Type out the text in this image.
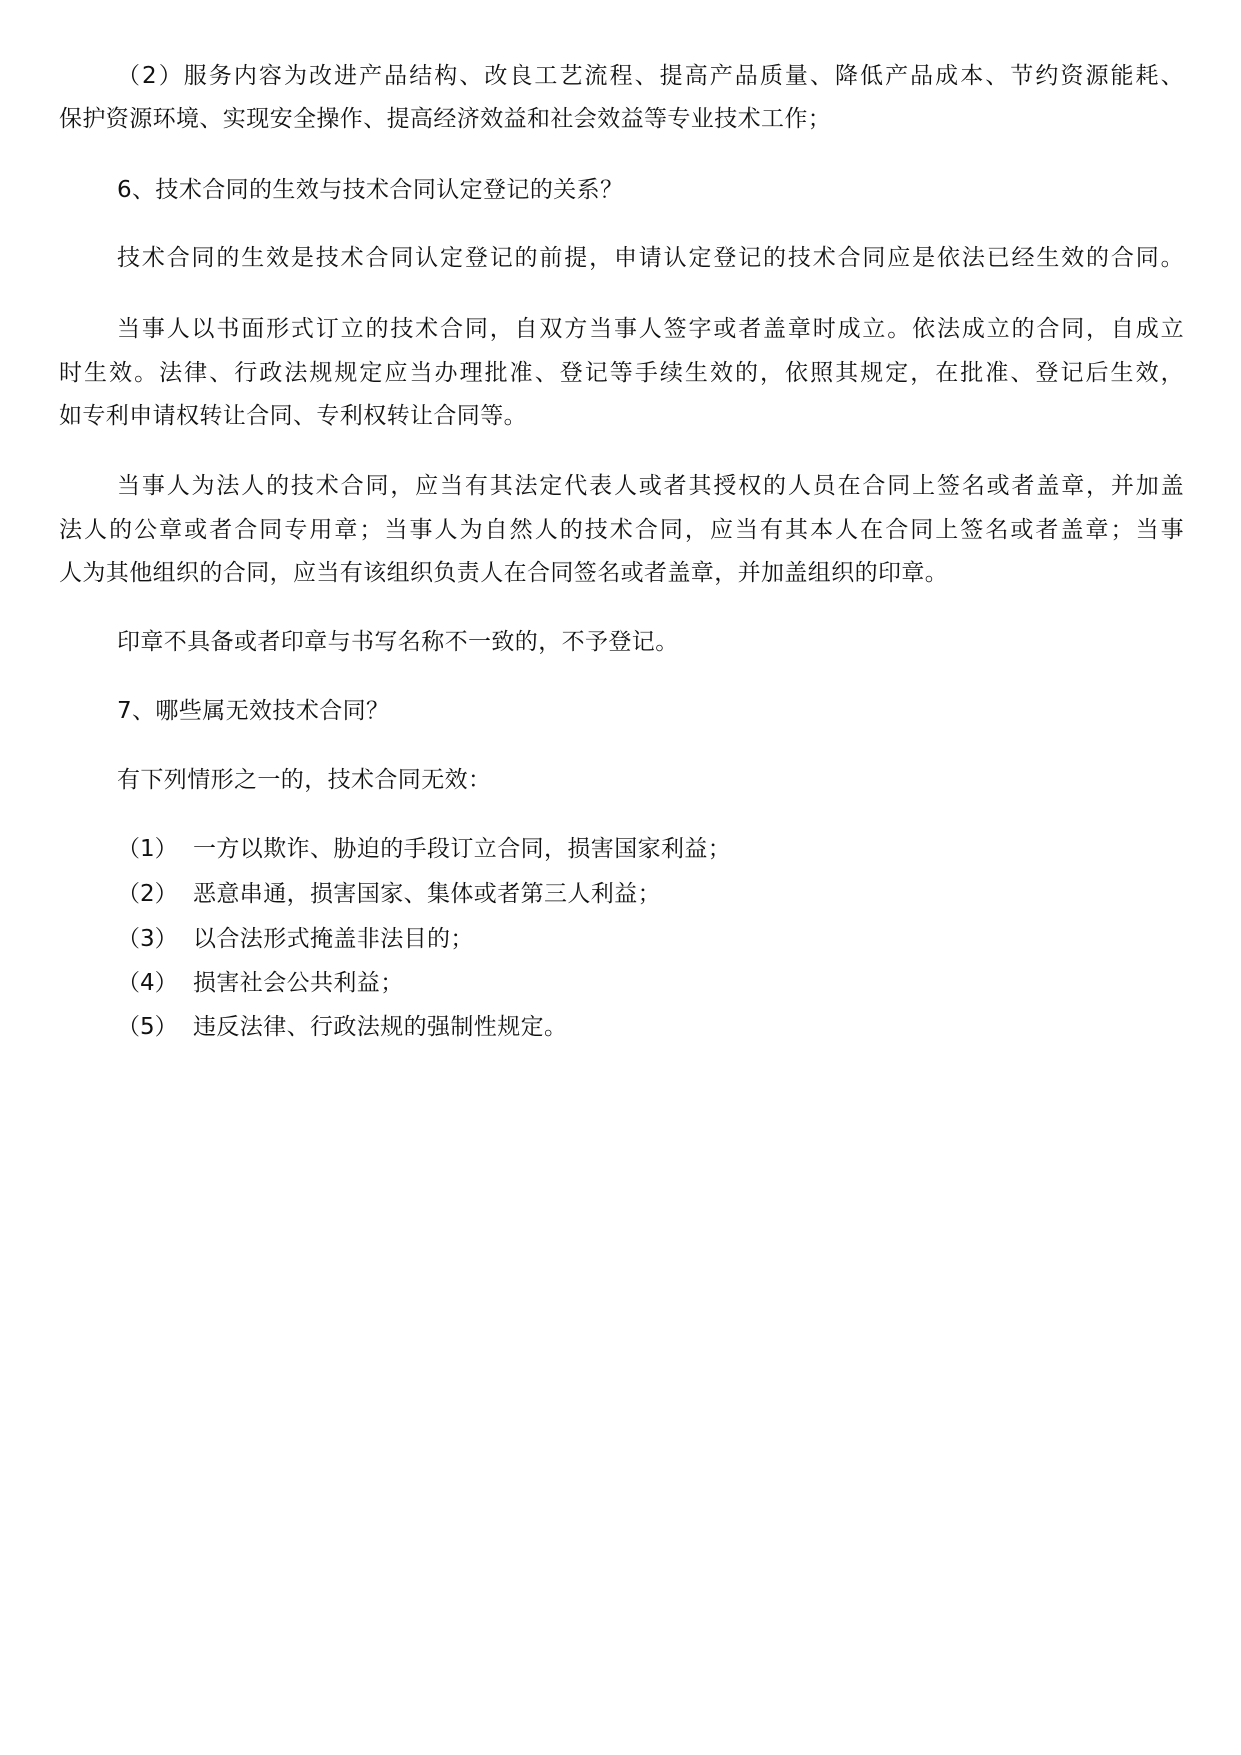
（2）服务内容为改进产品结构、改良工艺流程、提高产品质量、降低产品成本、节约资源能耗、
保护资源环境、实现安全操作、提高经济效益和社会效益等专业技术工作；
6、技术合同的生效与技术合同认定登记的关系？
技术合同的生效是技术合同认定登记的前提，申请认定登记的技术合同应是依法已经生效的合同。
当事人以书面形式订立的技术合同，自双方当事人签字或者盖章时成立。依法成立的合同，自成立
时生效。法律、行政法规规定应当办理批准、登记等手续生效的，依照其规定，在批准、登记后生效，
如专利申请权转让合同、专利权转让合同等。
当事人为法人的技术合同，应当有其法定代表人或者其授权的人员在合同上签名或者盖章，并加盖
法人的公章或者合同专用章；当事人为自然人的技术合同，应当有其本人在合同上签名或者盖章；当事
人为其他组织的合同，应当有该组织负责人在合同签名或者盖章，并加盖组织的印章。
印章不具备或者印章与书写名称不一致的，不予登记。
7、哪些属无效技术合同？
有下列情形之一的，技术合同无效：
（1） 一方以欺诈、胁迫的手段订立合同，损害国家利益；
（2） 恶意串通，损害国家、集体或者第三人利益；
（3） 以合法形式掩盖非法目的；
（4） 损害社会公共利益；
（5） 违反法律、行政法规的强制性规定。
